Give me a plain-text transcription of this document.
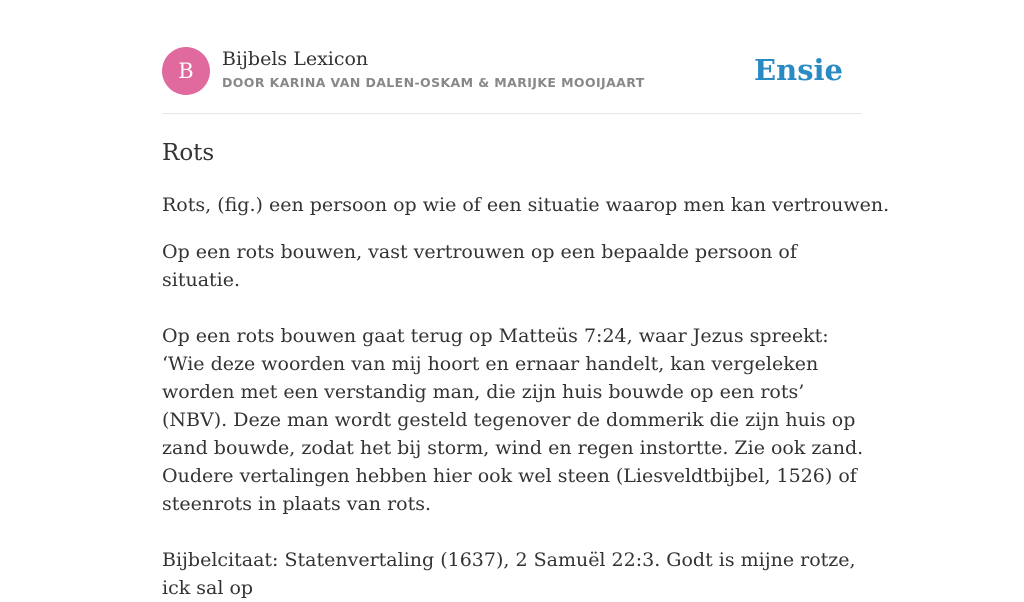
B	Bijbels Lexicon
DOOR KARINA VAN DALEN-OSKAM & MARIJKE MOOIJAART	Ensie
Rots

Rots, (fig.) een persoon op wie of een situatie waarop men kan vertrouwen.

Op een rots bouwen, vast vertrouwen op een bepaalde persoon of situatie.

Op een rots bouwen gaat terug op Matteüs 7:24, waar Jezus spreekt: ‘Wie deze woorden van mij hoort en ernaar handelt, kan vergeleken worden met een verstandig man, die zijn huis bouwde op een rots’ (NBV). Deze man wordt gesteld tegenover de dommerik die zijn huis op zand bouwde, zodat het bij storm, wind en regen instortte. Zie ook zand. Oudere vertalingen hebben hier ook wel steen (Liesveldtbijbel, 1526) of steenrots in plaats van rots.

Bijbelcitaat: Statenvertaling (1637), 2 Samuël 22:3. Godt is mijne rotze, ick sal op
